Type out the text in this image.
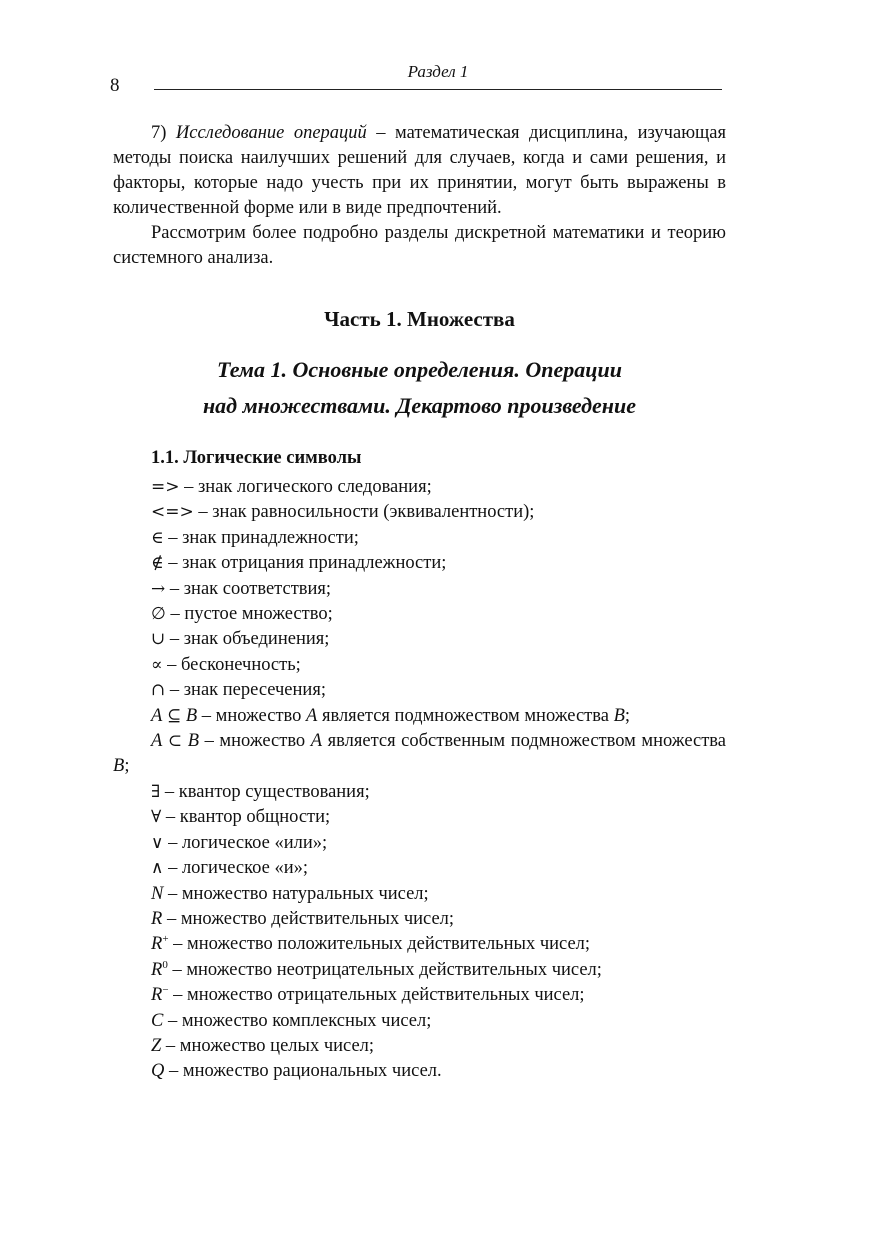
8
Раздел 1

7) Исследование операций – математическая дисциплина, изучающая методы поиска наилучших решений для случаев, когда и сами решения, и факторы, которые надо учесть при их принятии, могут быть выражены в количественной форме или в виде предпочтений.

Рассмотрим более подробно разделы дискретной математики и теорию системного анализа.

Часть 1. Множества
Тема 1. Основные определения. Операции
над множествами. Декартово произведение
1.1. Логические символы
=> – знак логического следования;
<=> – знак равносильности (эквивалентности);
∈ – знак принадлежности;
∉ – знак отрицания принадлежности;
→ – знак соответствия;
∅ – пустое множество;
∪ – знак объединения;
∝ – бесконечность;
∩ – знак пересечения;
A ⊆ B – множество A является подмножеством множества B;
A ⊂ B – множество A является собственным подмножеством множества B;
∃ – квантор существования;
∀ – квантор общности;
∨ – логическое «или»;
∧ – логическое «и»;
N – множество натуральных чисел;
R – множество действительных чисел;
R+ – множество положительных действительных чисел;
$R^0$ – множество неотрицательных действительных чисел;
R− – множество отрицательных действительных чисел;
C – множество комплексных чисел;
Z – множество целых чисел;
Q – множество рациональных чисел.
